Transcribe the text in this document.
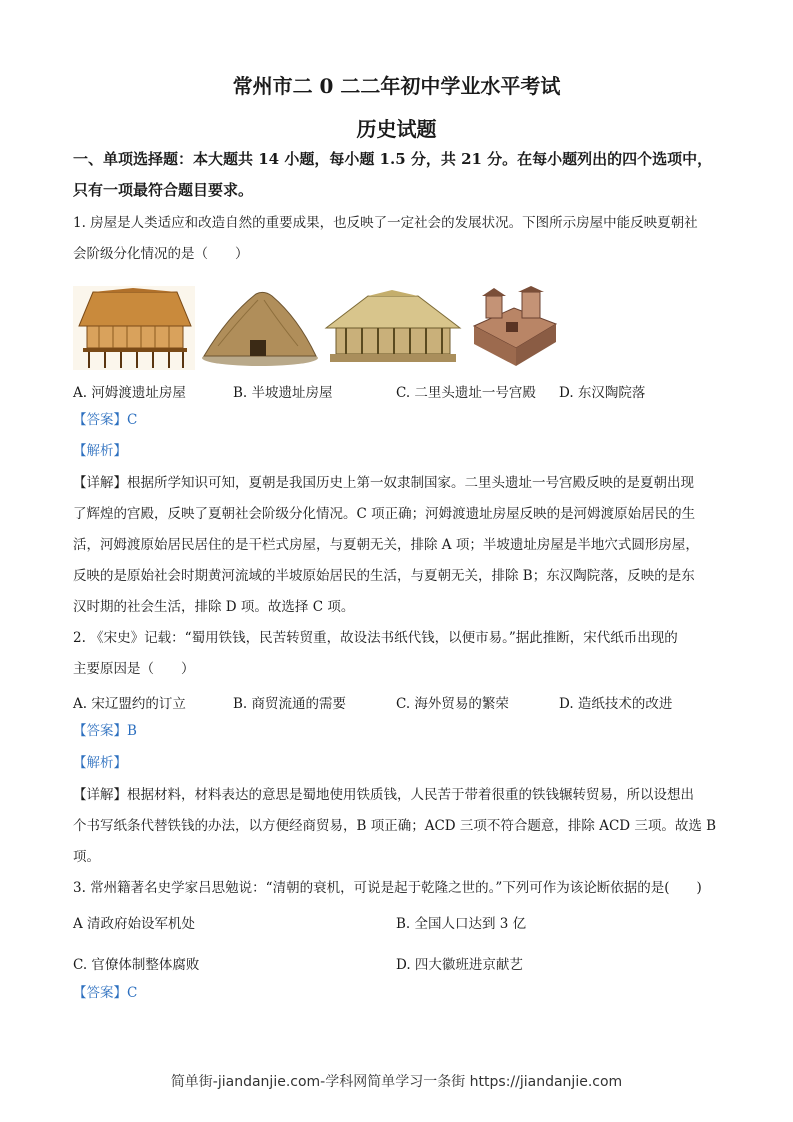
常州市二 0 二二年初中学业水平考试
历史试题
一、单项选择题：本大题共 14 小题，每小题 1.5 分，共 21 分。在每小题列出的四个选项中，
只有一项最符合题目要求。
1. 房屋是人类适应和改造自然的重要成果，也反映了一定社会的发展状况。下图所示房屋中能反映夏朝社
会阶级分化情况的是（　　）
A. 河姆渡遗址房屋	B. 半坡遗址房屋	C. 二里头遗址一号宫殿 D. 东汉陶院落
【答案】C
【解析】
【详解】根据所学知识可知，夏朝是我国历史上第一奴隶制国家。二里头遗址一号宫殿反映的是夏朝出现
了辉煌的宫殿，反映了夏朝社会阶级分化情况。C 项正确；河姆渡遗址房屋反映的是河姆渡原始居民的生
活，河姆渡原始居民居住的是干栏式房屋，与夏朝无关，排除 A 项；半坡遗址房屋是半地穴式圆形房屋，
反映的是原始社会时期黄河流域的半坡原始居民的生活，与夏朝无关，排除 B；东汉陶院落，反映的是东
汉时期的社会生活，排除 D 项。故选择 C 项。
2. 《宋史》记载：“蜀用铁钱，民苦转贸重，故设法书纸代钱，以便市易。”据此推断，宋代纸币出现的
主要原因是（　　）
A. 宋辽盟约的订立	B. 商贸流通的需要	C. 海外贸易的繁荣	D. 造纸技术的改进
【答案】B
【解析】
【详解】根据材料，材料表达的意思是蜀地使用铁质钱，人民苦于带着很重的铁钱辗转贸易，所以设想出
个书写纸条代替铁钱的办法，以方便经商贸易，B 项正确；ACD 三项不符合题意，排除 ACD 三项。故选 B
项。
3. 常州籍著名史学家吕思勉说：“清朝的衰机，可说是起于乾隆之世的。”下列可作为该论断依据的是(　　)
A 清政府始设军机处	B. 全国人口达到 3 亿
C. 官僚体制整体腐败	D. 四大徽班进京献艺
【答案】C
简单街-jiandanjie.com-学科网简单学习一条街 https://jiandanjie.com
